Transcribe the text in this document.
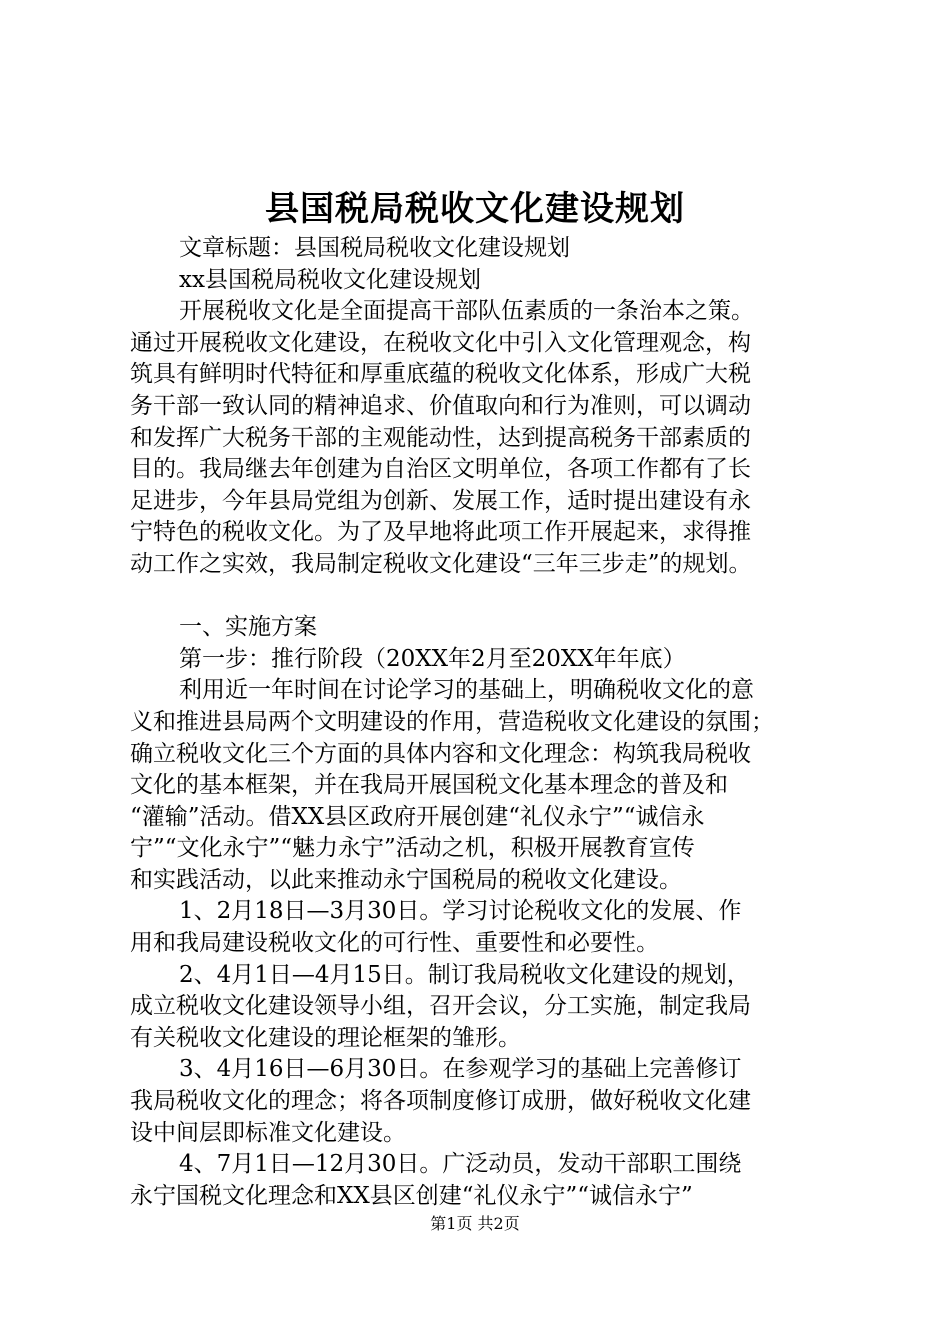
县国税局税收文化建设规划
文章标题：县国税局税收文化建设规划
xx县国税局税收文化建设规划
开展税收文化是全面提高干部队伍素质的一条治本之策。
通过开展税收文化建设，在税收文化中引入文化管理观念，构
筑具有鲜明时代特征和厚重底蕴的税收文化体系，形成广大税
务干部一致认同的精神追求、价值取向和行为准则，可以调动
和发挥广大税务干部的主观能动性，达到提高税务干部素质的
目的。我局继去年创建为自治区文明单位，各项工作都有了长
足进步，今年县局党组为创新、发展工作，适时提出建设有永
宁特色的税收文化。为了及早地将此项工作开展起来，求得推
动工作之实效，我局制定税收文化建设“三年三步走”的规划。
一、实施方案
第一步：推行阶段（20XX年2月至20XX年年底）
利用近一年时间在讨论学习的基础上，明确税收文化的意
义和推进县局两个文明建设的作用，营造税收文化建设的氛围；
确立税收文化三个方面的具体内容和文化理念：构筑我局税收
文化的基本框架，并在我局开展国税文化基本理念的普及和
“灌输”活动。借XX县区政府开展创建“礼仪永宁”“诚信永
宁”“文化永宁”“魅力永宁”活动之机，积极开展教育宣传
和实践活动，以此来推动永宁国税局的税收文化建设。
1、2月18日—3月30日。学习讨论税收文化的发展、作
用和我局建设税收文化的可行性、重要性和必要性。
2、4月1日—4月15日。制订我局税收文化建设的规划，
成立税收文化建设领导小组，召开会议，分工实施，制定我局
有关税收文化建设的理论框架的雏形。
3、4月16日—6月30日。在参观学习的基础上完善修订
我局税收文化的理念；将各项制度修订成册，做好税收文化建
设中间层即标准文化建设。
4、7月1日—12月30日。广泛动员，发动干部职工围绕
永宁国税文化理念和XX县区创建“礼仪永宁”“诚信永宁”
第1页 共2页
